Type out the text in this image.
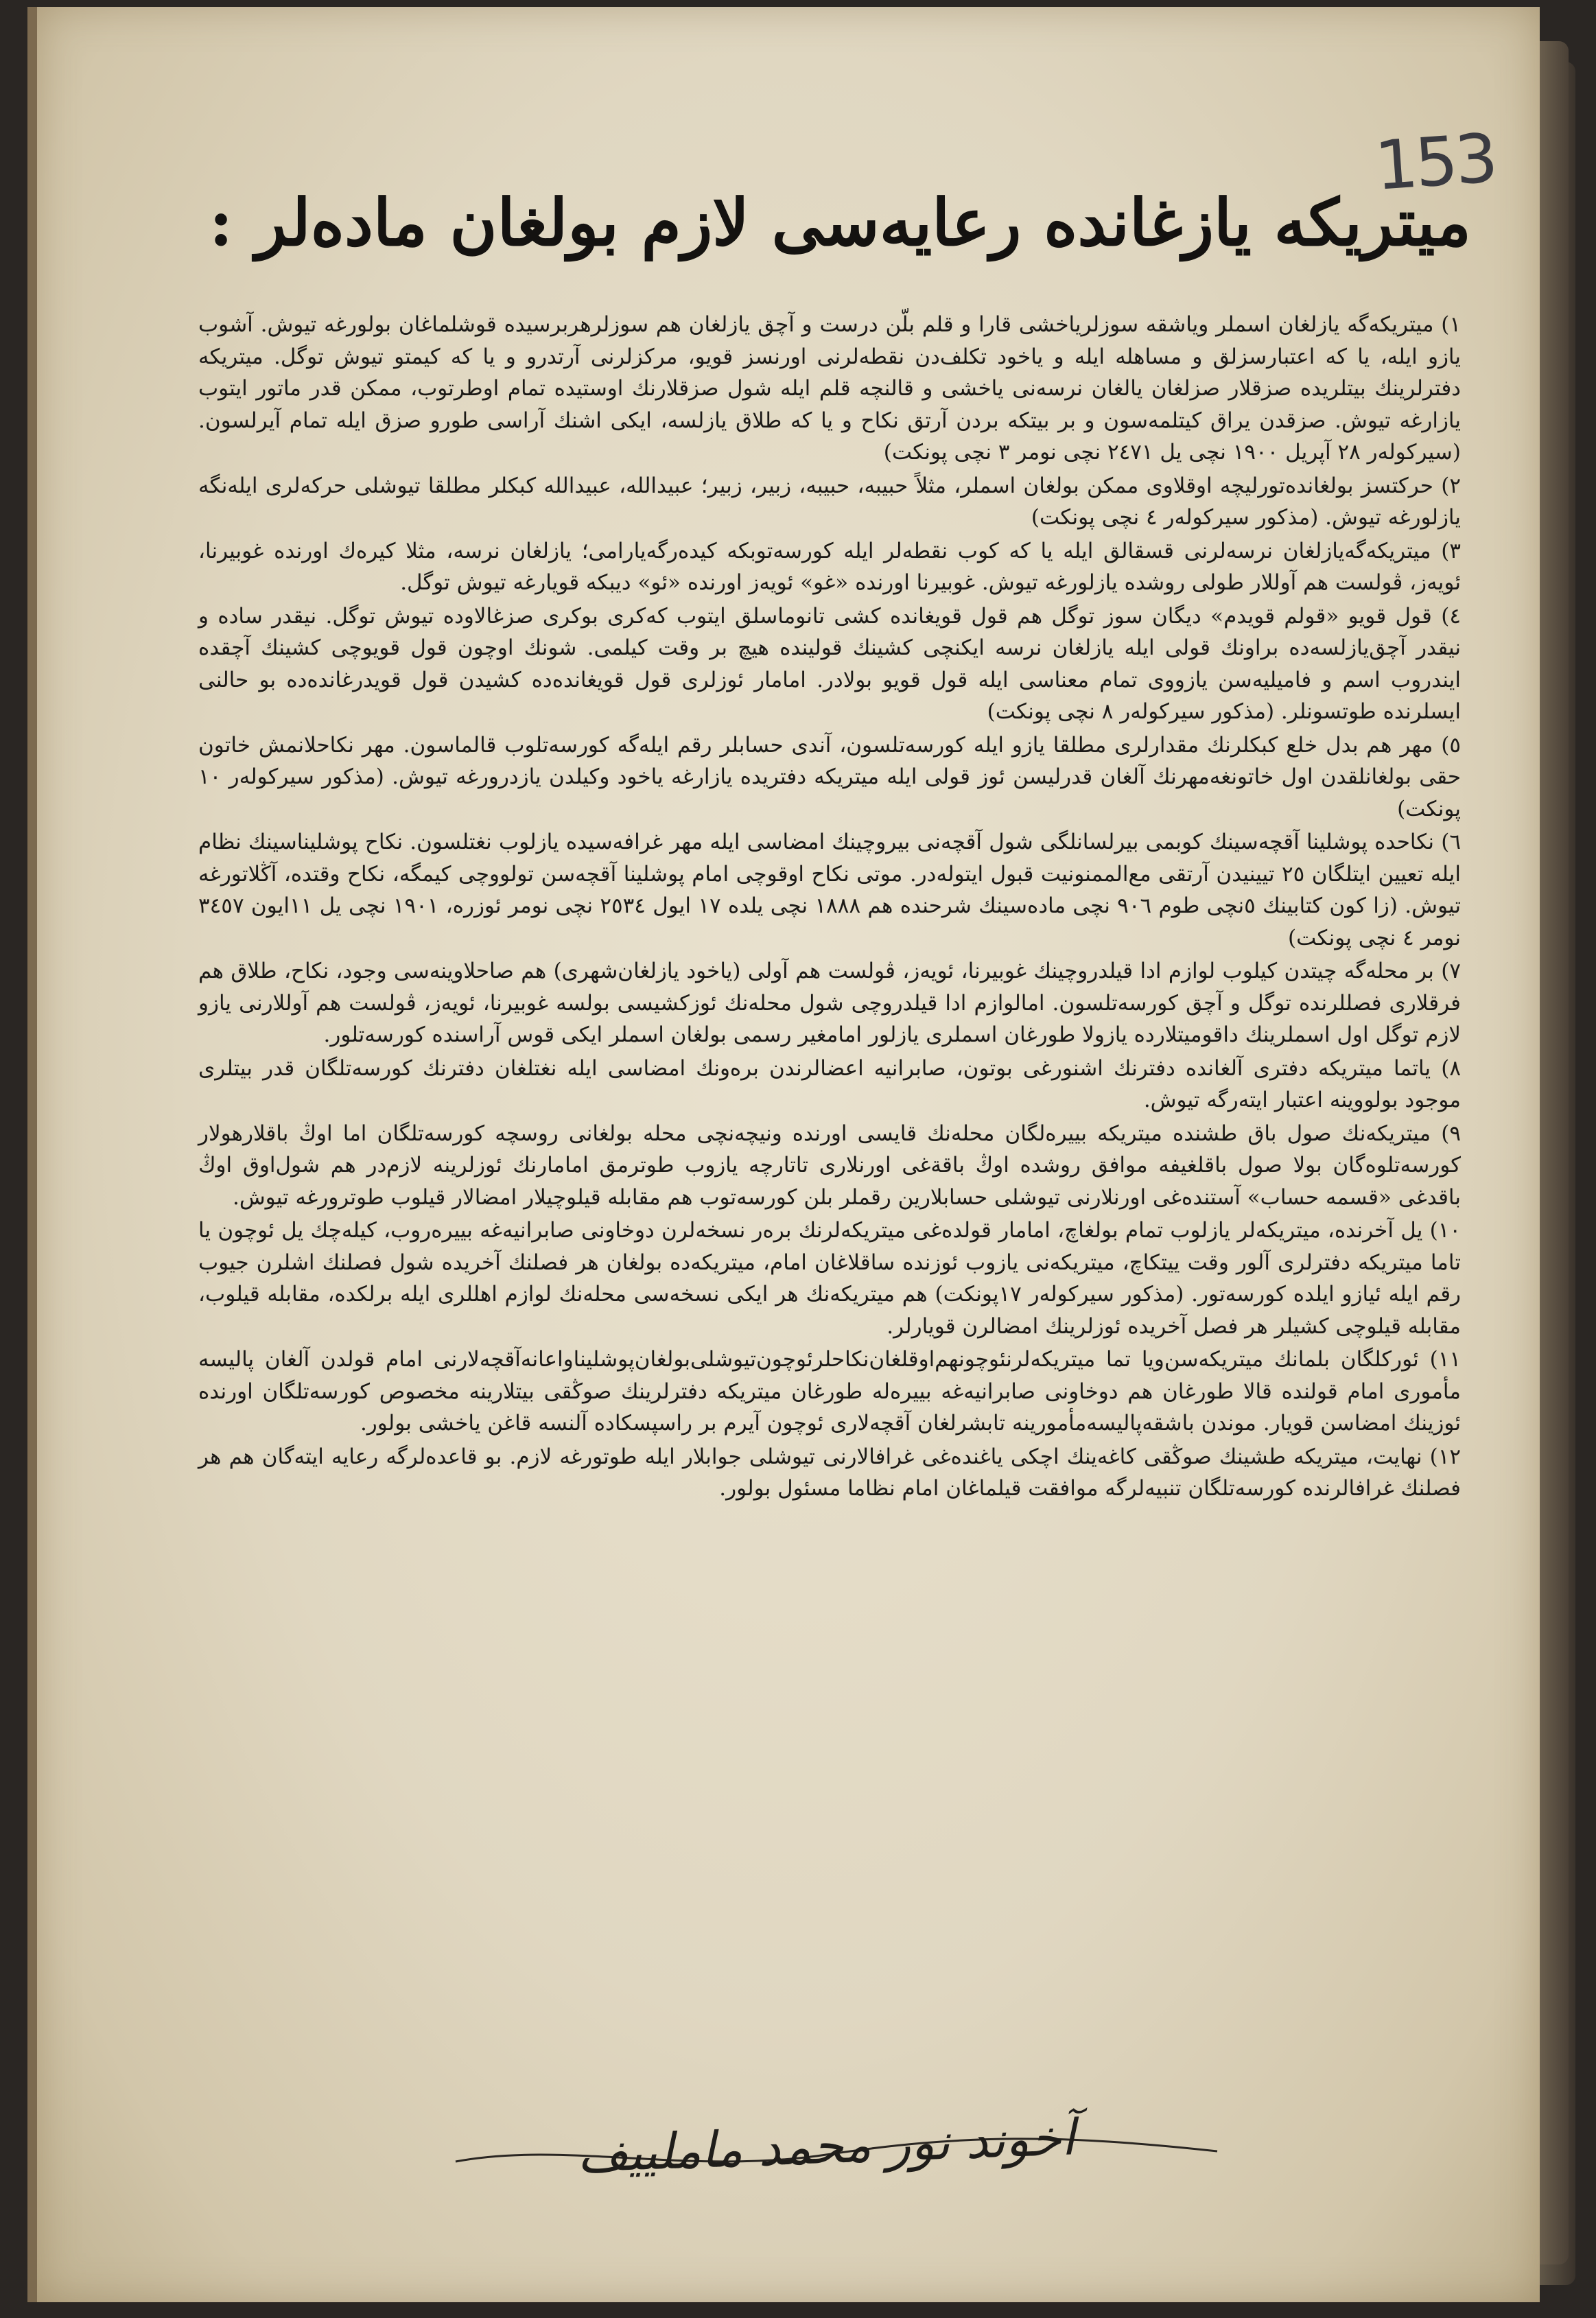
153
ميتريكه يازغانده رعايه‌سى لازم بولغان ماده‌لر :

١) ميتريكه‌گه يازلغان اسملر وياشقه سوزلرياخشى قارا و قلم بلّن درست و آچق يازلغان هم سوزلرهربرسيده قوشلماغان بولورغه تيوش. آشوب يازو ايله، يا كه اعتبارسزلق و مساهله ايله و ياخود تكلف‌دن نقطه‌لرنى اورنسز قويو، مركزلرنى آرتدرو و يا كه كيمتو تيوش توگل. ميتريكه دفترلرينك بيتلريده صزقلار صزلغان يالغان نرسه‌نى ياخشى و قالنچه قلم ايله شول صزقلارنك اوستيده تمام اوطرتوب، ممكن قدر ماتور ايتوب يازارغه تيوش. صزقدن يراق كيتلمه‌سون و بر بيتكه بردن آرتق نكاح و يا كه طلاق يازلسه، ايكى اشنك آراسى طورو صزق ايله تمام آيرلسون. (سيركوله‌ر ٢٨ آپريل ١٩٠٠ نچى يل ٢٤٧١ نچى نومر ٣ نچى پونكت)

٢) حركتسز بولغانده‌تورليچه اوقلاوى ممكن بولغان اسملر، مثلاً حبيبه، حبيبه، زبير، زبير؛ عبيدالله، عبيدالله كبكلر مطلقا تيوشلى حركه‌لرى ايله‌نگه يازلورغه تيوش. (مذكور سيركوله‌ر ٤ نچى پونكت)

٣) ميتريكه‌گه‌يازلغان نرسه‌لرنى قسقالق ايله يا كه كوب نقطه‌لر ايله كورسه‌توبكه كيده‌رگه‌يارامى؛ يازلغان نرسه، مثلا كيره‌ك اورنده غوبيرنا، ئويه‌ز، ڤولست هم آوللار طولى روشده يازلورغه تيوش. غوبيرنا اورنده «غو» ئويه‌ز اورنده «ئو» ديبكه قويارغه تيوش توگل.

٤) قول قويو «قولم قويدم» ديگان سوز توگل هم قول قويغانده كشى تانوماسلق ايتوب كه‌كرى بوكرى صزغالاوده تيوش توگل. نيقدر ساده و نيقدر آچق‌يازلسه‌ده براونك قولى ايله يازلغان نرسه ايكنچى كشينك قولينده هيچ بر وقت كيلمى. شونك اوچون قول قويوچى كشينك آچقده ايندروب اسم و فاميليه‌سن يازووى تمام معناسى ايله قول قويو بولادر. امامار ئوزلرى قول قويغانده‌ده كشيدن قول قويدرغانده‌ده بو حالنى ايسلرنده طوتسونلر. (مذكور سيركوله‌ر ٨ نچى پونكت)

٥) مهر هم بدل خلع كبكلرنك مقدارلرى مطلقا يازو ايله كورسه‌تلسون، آندى حسابلر رقم ايله‌گه كورسه‌تلوب قالماسون. مهر نكاحلانمش خاتون حقى بولغانلقدن اول خاتونغه‌مهرنك آلغان قدرليسن ئوز قولى ايله ميتريكه دفتريده يازارغه ياخود وكيلدن يازدرورغه تيوش. (مذكور سيركوله‌ر ١٠ پونكت)

٦) نكاحده پوشلينا آقچه‌سينك كوبمى بيرلسانلگى شول آقچه‌نى بيروچينك امضاسى ايله مهر غرافه‌سيده يازلوب نغتلسون. نكاح پوشلينا‌سينك نظام ايله تعيين ايتلگان ٢٥ تيينيدن آرتقى مع‌الممنونيت قبول ايتوله‌در. موتى نكاح اوقوچى امام پوشلينا آقچه‌سن تولووچى كيمگه، نكاح وقتده، آڭلاتورغه تيوش. (زا كون كتابينك ٥نچى طوم ٩٠٦ نچى ماده‌سينك شرحنده هم ١٨٨٨ نچى يلده ١٧ ايول ٢٥٣٤ نچى نومر ئوزره، ١٩٠١ نچى يل ١١ايون ٣٤٥٧ نومر ٤ نچى پونكت)

٧) بر محله‌گه چيتدن كيلوب لوازم ادا قيلدروچينك غوبيرنا، ئويه‌ز، ڤولست هم آولى (ياخود يازلغان‌شهرى) هم صاحلاوينه‌سى وجود، نكاح، طلاق هم فرقلارى فصللرنده توگل و آچق كورسه‌تلسون. امالوازم ادا قيلدروچى شول محله‌نك ئوزكشيسى بولسه غوبيرنا، ئويه‌ز، ڤولست هم آوللارنى يازو لازم توگل اول اسملرينك داقوميتلارده يازولا طورغان اسملرى يازلور امامغير رسمى بولغان اسملر ايكى قوس آراسنده كورسه‌تلور.

٨) ياتما ميتريكه دفترى آلغانده دفترنك اشنورغى بوتون، صابرانيه اعضالرندن بره‌ونك امضاسى ايله نغتلغان دفترنك كورسه‌تلگان قدر بيتلرى موجود بولووينه اعتبار ايته‌رگه تيوش.

٩) ميتريكه‌نك صول باق طشنده ميتريكه بييره‌لگان محله‌نك قايسى اورنده ونيچه‌نچى محله بولغانى روسچه كورسه‌تلگان اما اوڭ باقلارهولار كورسه‌تلوه‌گان بولا صول باقلغيفه موافق روشده اوڭ باقةغى اورنلارى تاتارچه يازوب طوترمق امامارنك ئوزلرينه لازم‌در هم شول‌اوق اوڭ باقدغى «قسمه حساب» آستنده‌غى اورنلارنى تيوشلى حسابلارين رقملر بلن كورسه‌توب هم مقابله قيلوچيلار امضالار قيلوب طوترورغه تيوش.

١٠) يل آخرنده، ميتريكه‌لر يازلوب تمام بولغاچ، امامار قولده‌غى ميتريكه‌لرنك بره‌ر نسخه‌لرن دوخاونى صابرانيه‌غه بييره‌روب، كيله‌چك يل ئوچون يا تاما ميتريكه دفترلرى آلور وقت ييتكاچ، ميتريكه‌نى يازوب ئوزنده ساقلاغان امام، ميتريكه‌ده بولغان هر فصلنك آخريده شول فصلنك اشلرن جيوب رقم ايله ئيازو ايلده كورسه‌تور. (مذكور سيركوله‌ر ١٧پونكت) هم ميتريكه‌نك هر ايكى نسخه‌سى محله‌نك لوازم اهللرى ايله برلكده، مقابله قيلوب، مقابله قيلوچى كشيلر هر فصل آخريده ئوزلرينك امضالرن قويارلر.

١١) ئوركلگان بلمانك ميتريكه‌سن‌ويا تما ميتريكه‌لرنئوچونهم‌اوقلغان‌نكاحلرئوچون‌تيوشلى‌بولغان‌پوشلينا‌واعانه‌آقچه‌لارنى امام قولدن آلغان پاليسه مأمورى امام قولنده قالا طورغان هم دوخاونى صابرانيه‌غه بييره‌له طورغان ميتريكه دفترلرينك صوڭقى بيتلارينه مخصوص كورسه‌تلگان اورنده ئوزينك امضاسن قويار. موندن باشقه‌پاليسه‌مأمورينه تابشرلغان آقچه‌لارى ئوچون آيرم بر راسپسکاده آلنسه قاغن ياخشى بولور.

١٢) نهايت، ميتريكه طشينك صوڭقى كاغه‌ينك اچكى ياغنده‌غى غرافالارنى تيوشلى جوابلار ايله طوتورغه لازم. بو قاعده‌لرگه رعايه ايته‌گان هم هر فصلنك غرافالرنده كورسه‌تلگان تنبيه‌لرگه موافقت قيلماغان امام نظاما مسئول بولور.

آخوند نور محمد ماملييف
